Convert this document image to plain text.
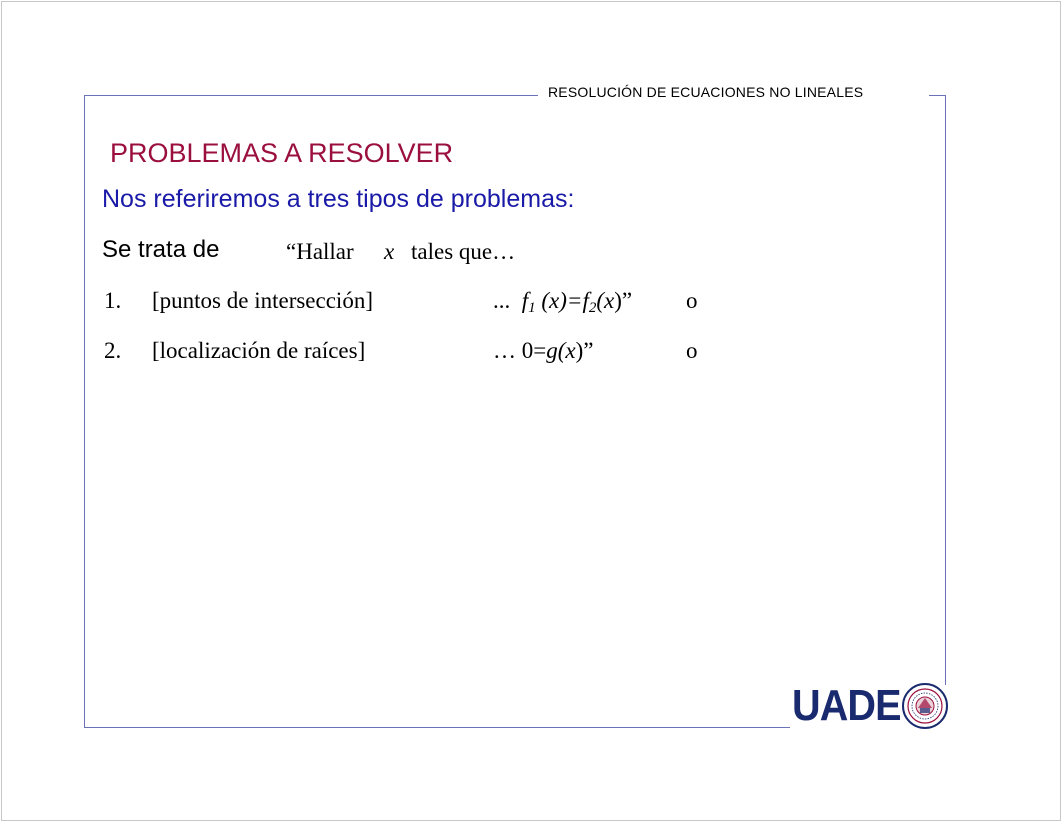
RESOLUCIÓN DE ECUACIONES NO LINEALES
PROBLEMAS A RESOLVER
Nos referiremos a tres tipos de problemas:
Se trata de	“Hallar x tales que…
1. [puntos de intersección]	... $f_1$ $(x)=f_2(x)$” o
2. [localización de raíces]	… 0=g(x)”	o
UADE
